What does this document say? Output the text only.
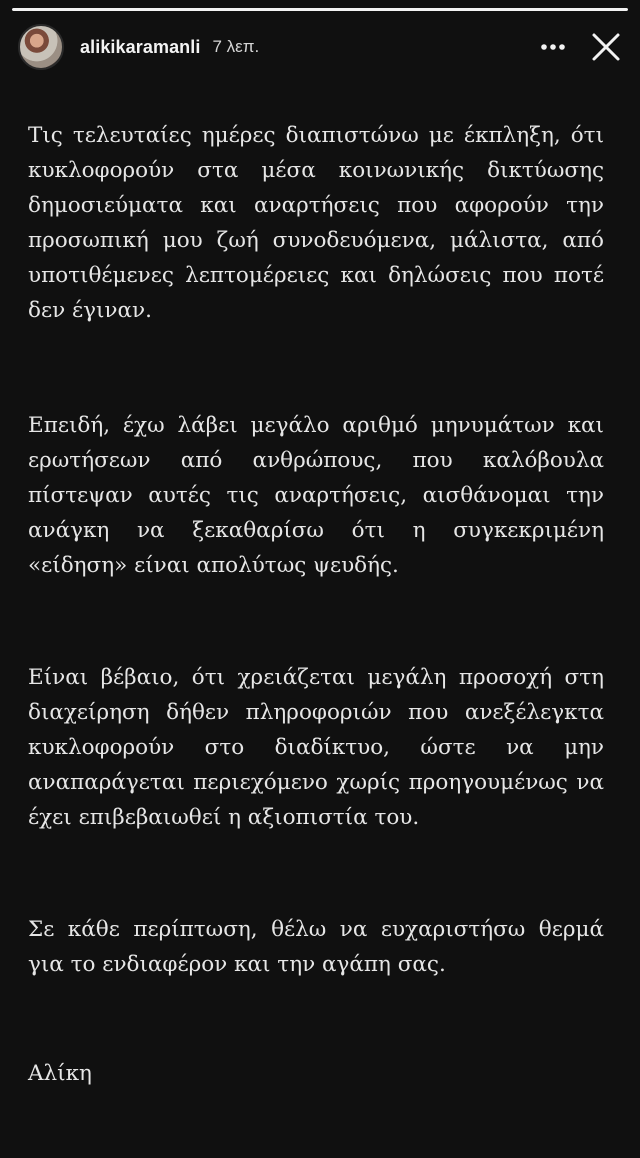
alikikaramanli 7 λεπ.

Τις τελευταίες ημέρες διαπιστώνω με έκπληξη, ότι κυκλοφορούν στα μέσα κοινωνικής δικτύωσης δημοσιεύματα και αναρτήσεις που αφορούν την προσωπική μου ζωή συνοδευόμενα, μάλιστα, από υποτιθέμενες λεπτομέρειες και δηλώσεις που ποτέ δεν έγιναν.

Επειδή, έχω λάβει μεγάλο αριθμό μηνυμάτων και ερωτήσεων από ανθρώπους, που καλόβουλα πίστεψαν αυτές τις αναρτήσεις, αισθάνομαι την ανάγκη να ξεκαθαρίσω ότι η συγκεκριμένη «είδηση» είναι απολύτως ψευδής.

Είναι βέβαιο, ότι χρειάζεται μεγάλη προσοχή στη διαχείρηση δήθεν πληροφοριών που ανεξέλεγκτα κυκλοφορούν στο διαδίκτυο, ώστε να μην αναπαράγεται περιεχόμενο χωρίς προηγουμένως να έχει επιβεβαιωθεί η αξιοπιστία του.

Σε κάθε περίπτωση, θέλω να ευχαριστήσω θερμά για το ενδιαφέρον και την αγάπη σας.

Αλίκη
